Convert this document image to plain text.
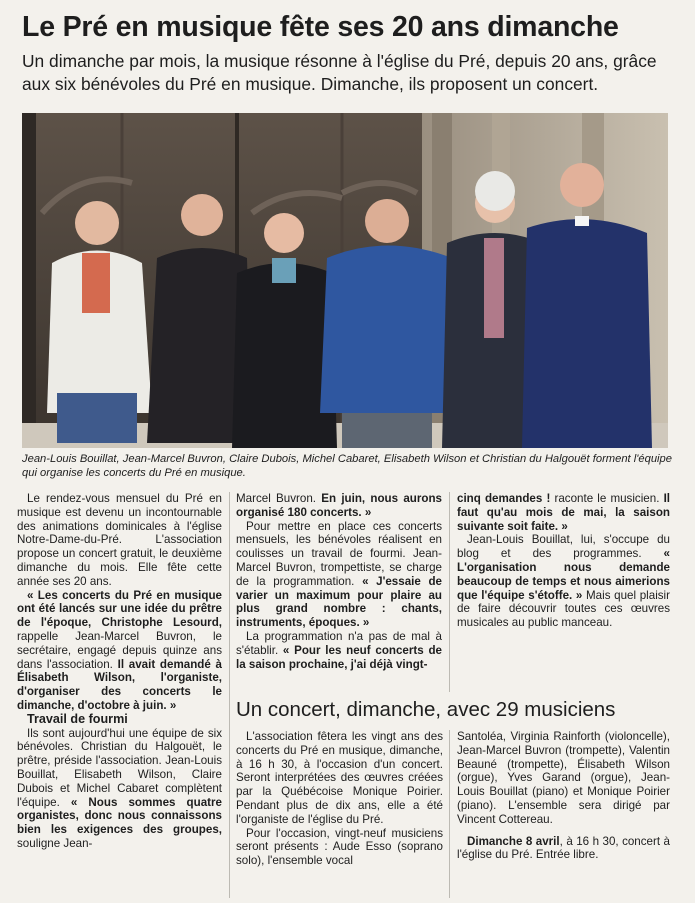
Le Pré en musique fête ses 20 ans dimanche
Un dimanche par mois, la musique résonne à l'église du Pré, depuis 20 ans, grâce aux six bénévoles du Pré en musique. Dimanche, ils proposent un concert.
Jean-Louis Bouillat, Jean-Marcel Buvron, Claire Dubois, Michel Cabaret, Elisabeth Wilson et Christian du Halgouët forment l'équipe qui organise les concerts du Pré en musique.

Le rendez-vous mensuel du Pré en musique est devenu un incontournable des animations dominicales à l'église Notre-Dame-du-Pré. L'association propose un concert gratuit, le deuxième dimanche du mois. Elle fête cette année ses 20 ans.

« Les concerts du Pré en musique ont été lancés sur une idée du prêtre de l'époque, Christophe Lesourd, rappelle Jean-Marcel Buvron, le secrétaire, engagé depuis quinze ans dans l'association. Il avait demandé à Élisabeth Wilson, l'organiste, d'organiser des concerts le dimanche, d'octobre à juin. »

Travail de fourmi

Ils sont aujourd'hui une équipe de six bénévoles. Christian du Halgouët, le prêtre, préside l'association. Jean-Louis Bouillat, Elisabeth Wilson, Claire Dubois et Michel Cabaret complètent l'équipe. « Nous sommes quatre organistes, donc nous connaissons bien les exigences des groupes, souligne Jean-

Marcel Buvron. En juin, nous aurons organisé 180 concerts. »

Pour mettre en place ces concerts mensuels, les bénévoles réalisent en coulisses un travail de fourmi. Jean-Marcel Buvron, trompettiste, se charge de la programmation. « J'essaie de varier un maximum pour plaire au plus grand nombre : chants, instruments, époques. »

La programmation n'a pas de mal à s'établir. « Pour les neuf concerts de la saison prochaine, j'ai déjà vingt-

cinq demandes ! raconte le musicien. Il faut qu'au mois de mai, la saison suivante soit faite. »

Jean-Louis Bouillat, lui, s'occupe du blog et des programmes. « L'organisation nous demande beaucoup de temps et nous aimerions que l'équipe s'étoffe. » Mais quel plaisir de faire découvrir toutes ces œuvres musicales au public manceau.

Un concert, dimanche, avec 29 musiciens

L'association fêtera les vingt ans des concerts du Pré en musique, dimanche, à 16 h 30, à l'occasion d'un concert. Seront interprétées des œuvres créées par la Québécoise Monique Poirier. Pendant plus de dix ans, elle a été l'organiste de l'église du Pré.

Pour l'occasion, vingt-neuf musiciens seront présents : Aude Esso (soprano solo), l'ensemble vocal

Santoléa, Virginia Rainforth (violoncelle), Jean-Marcel Buvron (trompette), Valentin Beauné (trompette), Élisabeth Wilson (orgue), Yves Garand (orgue), Jean-Louis Bouillat (piano) et Monique Poirier (piano). L'ensemble sera dirigé par Vincent Cottereau.

Dimanche 8 avril, à 16 h 30, concert à l'église du Pré. Entrée libre.
